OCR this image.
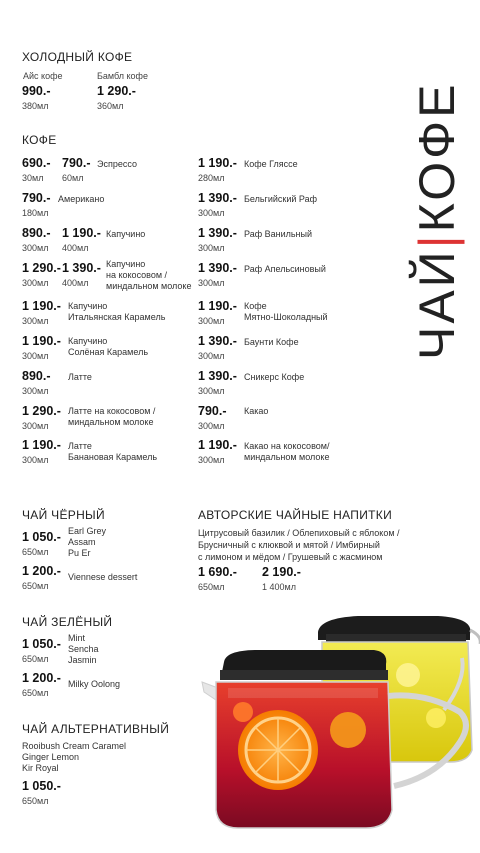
ЧАЙ|КОФЕ
ХОЛОДНЫЙ КОФЕ
Айс кофе
990.-
380мл
Бамбл кофе
1 290.-
360мл
КОФЕ
690.-
30мл
790.-
60мл
Эспрессо
790.-
180мл
Американо
890.-
300мл
1 190.-
400мл
Капучино
1 290.-
300мл
1 390.-
400мл
Капучино
на кокосовом /
миндальном молоке
1 190.-
300мл
Капучино
Итальянская Карамель
1 190.-
300мл
Капучино
Солёная Карамель
890.-
300мл
Латте
1 290.-
300мл
Латте на кокосовом /
миндальном молоке
1 190.-
300мл
Латте
Банановая Карамель
1 190.-
280мл
Кофе Гляссе
1 390.-
300мл
Бельгийский Раф
1 390.-
300мл
Раф Ванильный
1 390.-
300мл
Раф Апельсиновый
1 190.-
300мл
Кофе
Мятно-Шоколадный
1 390.-
300мл
Баунти Кофе
1 390.-
300мл
Сникерс Кофе
790.-
300мл
Какао
1 190.-
300мл
Какао на кокосовом/
миндальном молоке
ЧАЙ ЧЁРНЫЙ
1 050.-
650мл
Earl Grey
Assam
Pu Er
1 200.-
650мл
Viennese dessert
ЧАЙ ЗЕЛЁНЫЙ
1 050.-
650мл
Mint
Sencha
Jasmin
1 200.-
650мл
Milky Oolong
ЧАЙ АЛЬТЕРНАТИВНЫЙ
Rooibush Cream Caramel
Ginger Lemon
Kir Royal
1 050.-
650мл
АВТОРСКИЕ ЧАЙНЫЕ НАПИТКИ
Цитрусовый базилик / Облепиховый с яблоком /
Брусничный с клюквой и мятой / Имбирный
с лимоном и мёдом / Грушевый с жасмином
1 690.-
650мл
2 190.-
1 400мл
